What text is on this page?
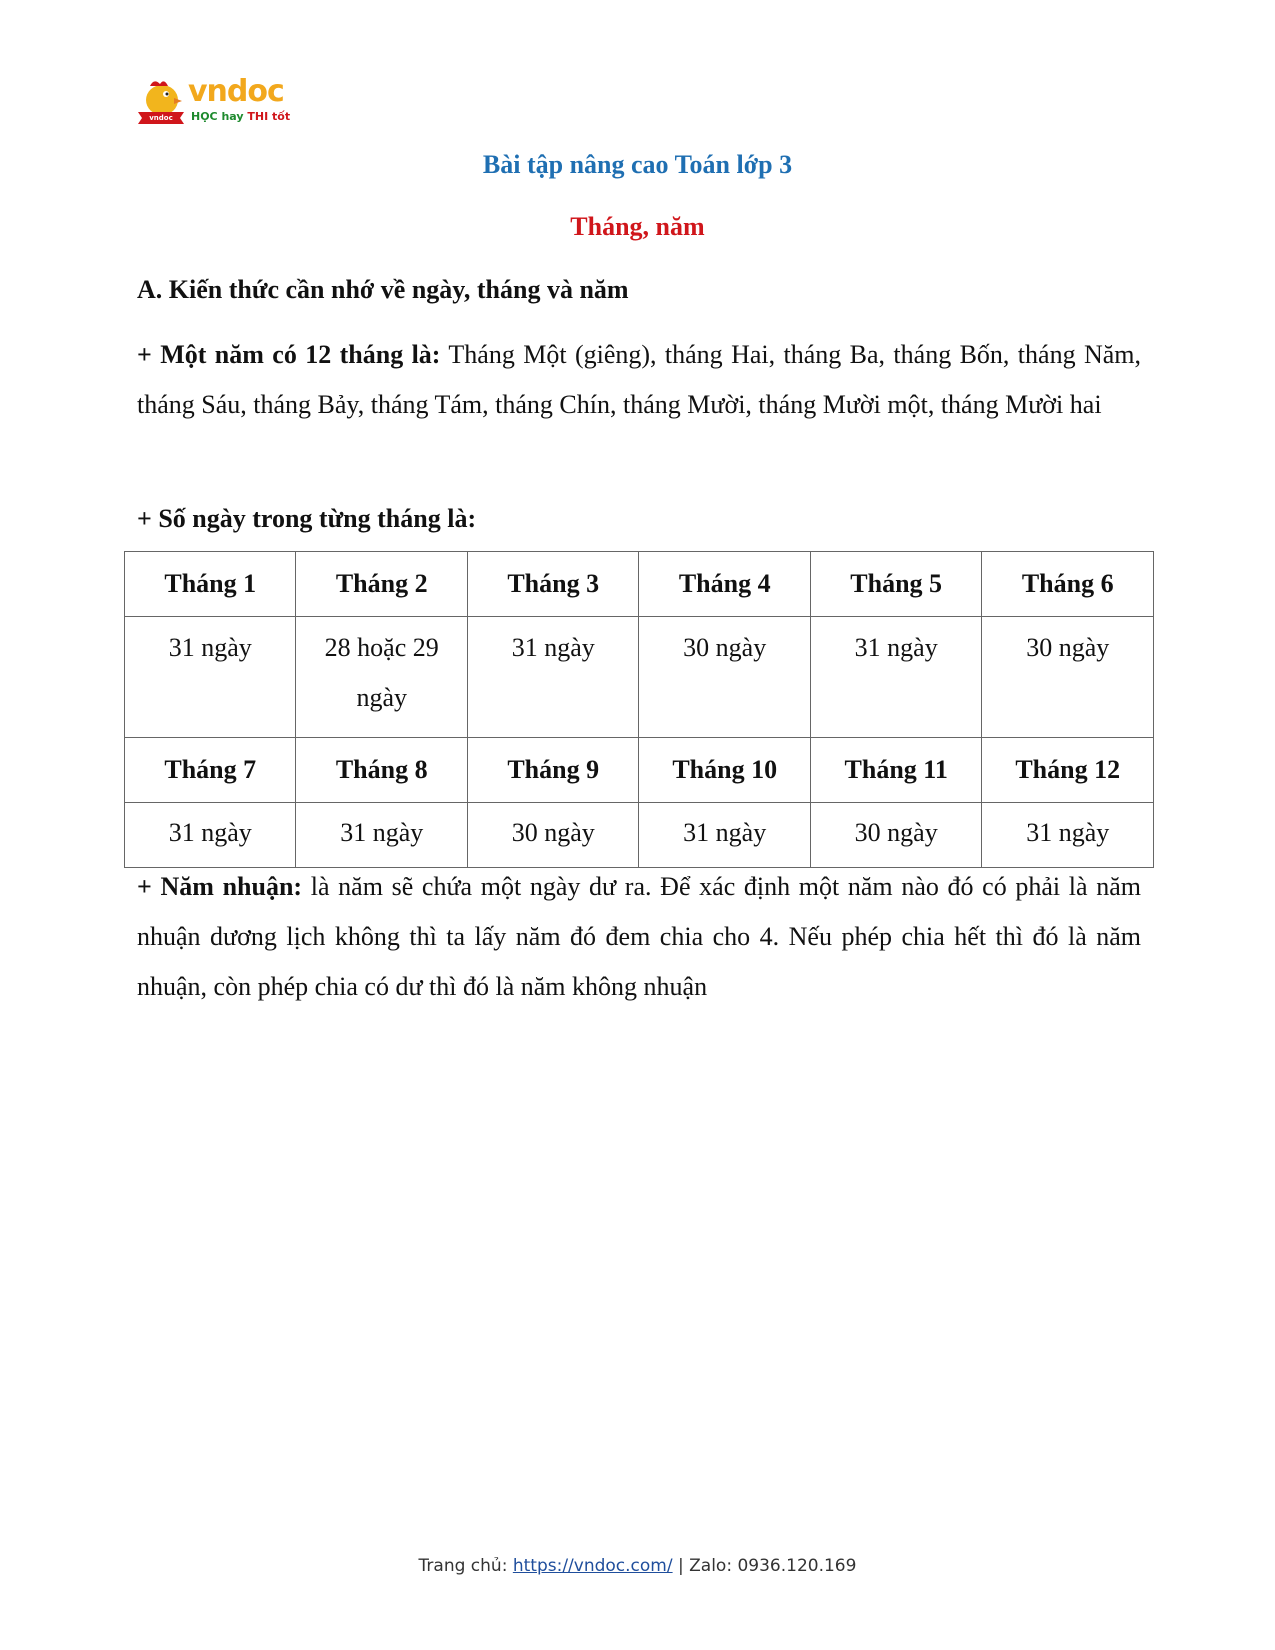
vndoc
vndoc
HỌC hay THI tốt
Bài tập nâng cao Toán lớp 3
Tháng, năm
A. Kiến thức cần nhớ về ngày, tháng và năm
+ Một năm có 12 tháng là: Tháng Một (giêng), tháng Hai, tháng Ba, tháng Bốn, tháng Năm, tháng Sáu, tháng Bảy, tháng Tám, tháng Chín, tháng Mười, tháng Mười một, tháng Mười hai
+ Số ngày trong từng tháng là:
Tháng 1	Tháng 2	Tháng 3	Tháng 4	Tháng 5	Tháng 6
31 ngày	28 hoặc 29 ngày	31 ngày	30 ngày	31 ngày	30 ngày
Tháng 7	Tháng 8	Tháng 9	Tháng 10	Tháng 11	Tháng 12
31 ngày	31 ngày	30 ngày	31 ngày	30 ngày	31 ngày
+ Năm nhuận: là năm sẽ chứa một ngày dư ra. Để xác định một năm nào đó có phải là năm nhuận dương lịch không thì ta lấy năm đó đem chia cho 4. Nếu phép chia hết thì đó là năm nhuận, còn phép chia có dư thì đó là năm không nhuận
Trang chủ: https://vndoc.com/ | Zalo: 0936.120.169
